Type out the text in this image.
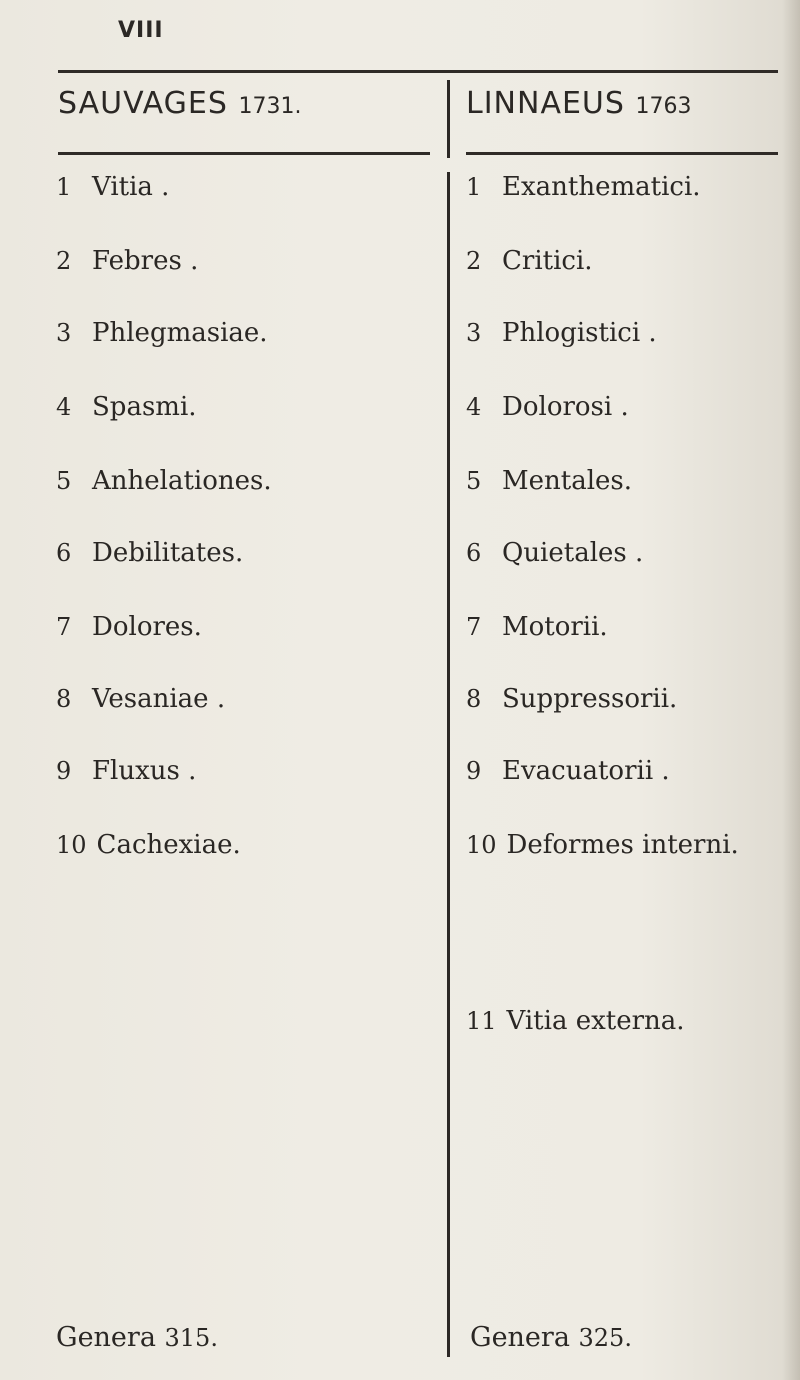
VIII
SAUVAGES 1731.	LINNAEUS 1763
1 Vitia .
2 Febres .
3 Phlegmasiae.
4 Spasmi.
5 Anhelationes.
6 Debilitates.
7 Dolores.
8 Vesaniae .
9 Fluxus .
10 Cachexiae.
1 Exanthematici.
2 Critici.
3 Phlogistici .
4 Dolorosi .
5 Mentales.
6 Quietales .
7 Motorii.
8 Suppressorii.
9 Evacuatorii .
10 Deformes interni.
11 Vitia externa.
Genera 315.	Genera 325.
